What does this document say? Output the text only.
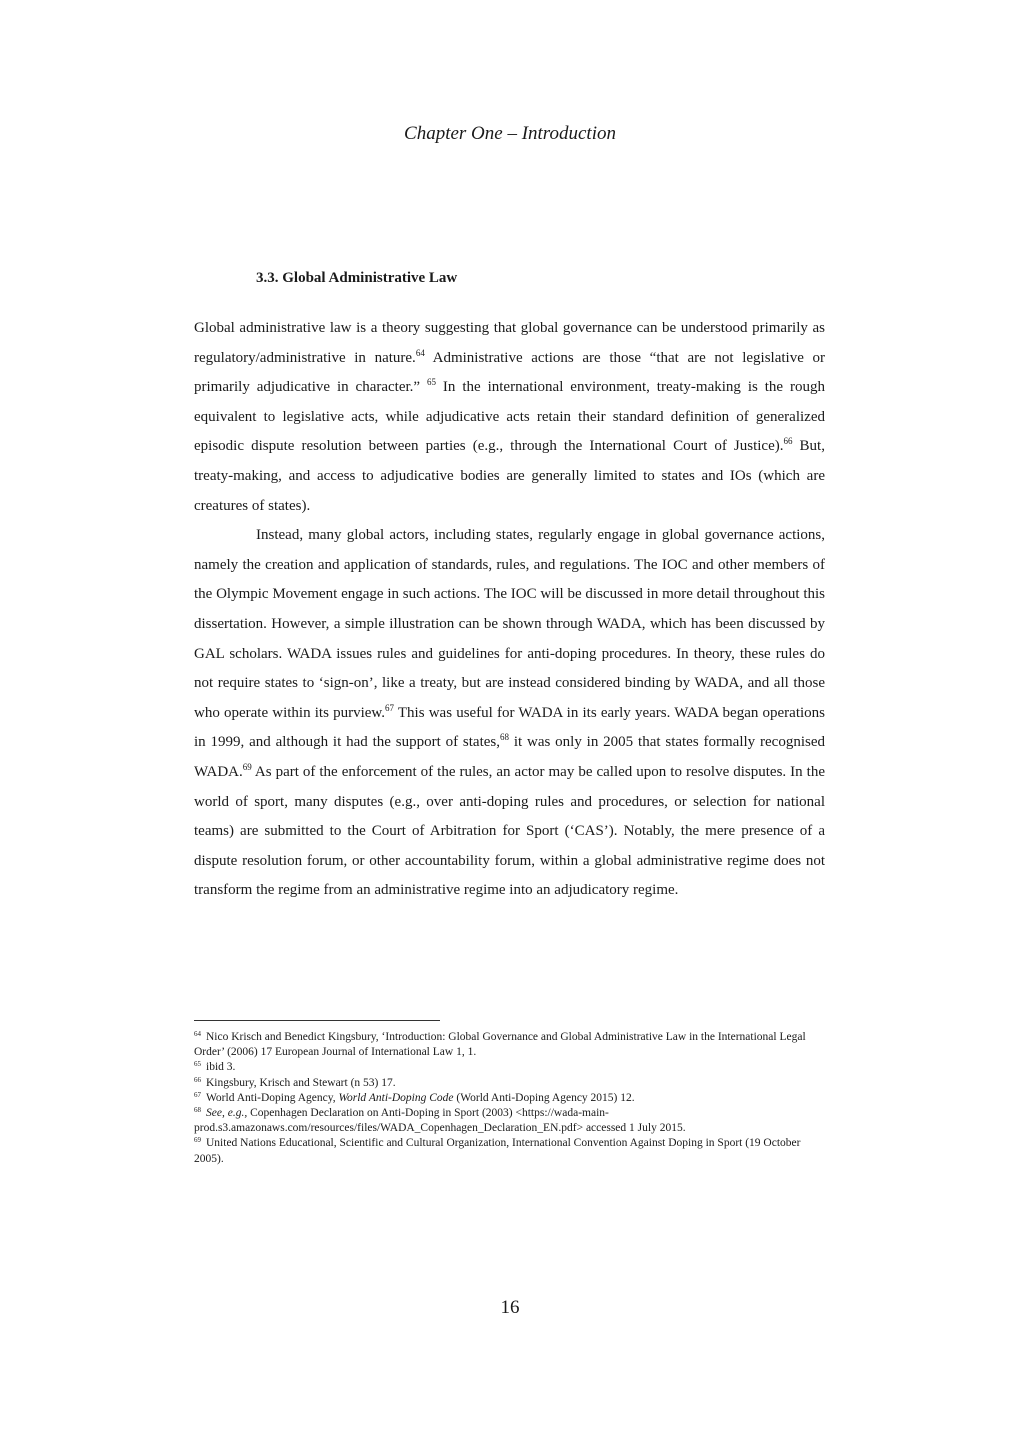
Chapter One – Introduction
3.3. Global Administrative Law

Global administrative law is a theory suggesting that global governance can be understood primarily as regulatory/administrative in nature.$^{64}$ Administrative actions are those “that are not legislative or primarily adjudicative in character.” $^{65}$ In the international environment, treaty-making is the rough equivalent to legislative acts, while adjudicative acts retain their standard definition of generalized episodic dispute resolution between parties (e.g., through the International Court of Justice).$^{66}$ But, treaty-making, and access to adjudicative bodies are generally limited to states and IOs (which are creatures of states).

Instead, many global actors, including states, regularly engage in global governance actions, namely the creation and application of standards, rules, and regulations. The IOC and other members of the Olympic Movement engage in such actions. The IOC will be discussed in more detail throughout this dissertation. However, a simple illustration can be shown through WADA, which has been discussed by GAL scholars. WADA issues rules and guidelines for anti-doping procedures. In theory, these rules do not require states to ‘sign-on’, like a treaty, but are instead considered binding by WADA, and all those who operate within its purview.$^{67}$ This was useful for WADA in its early years. WADA began operations in 1999, and although it had the support of states,$^{68}$ it was only in 2005 that states formally recognised WADA.$^{69}$ As part of the enforcement of the rules, an actor may be called upon to resolve disputes. In the world of sport, many disputes (e.g., over anti-doping rules and procedures, or selection for national teams) are submitted to the Court of Arbitration for Sport (‘CAS’). Notably, the mere presence of a dispute resolution forum, or other accountability forum, within a global administrative regime does not transform the regime from an administrative regime into an adjudicatory regime.

$^{64}$ Nico Krisch and Benedict Kingsbury, ‘Introduction: Global Governance and Global Administrative Law in the International Legal Order’ (2006) 17 European Journal of International Law 1, 1.
$^{65}$ ibid 3.
$^{66}$ Kingsbury, Krisch and Stewart (n 53) 17.
$^{67}$ World Anti-Doping Agency, World Anti-Doping Code (World Anti-Doping Agency 2015) 12.
$^{68}$ See, e.g., Copenhagen Declaration on Anti-Doping in Sport (2003) <https://wada-main-prod.s3.amazonaws.com/resources/files/WADA_Copenhagen_Declaration_EN.pdf> accessed 1 July 2015.
$^{69}$ United Nations Educational, Scientific and Cultural Organization, International Convention Against Doping in Sport (19 October 2005).
16
